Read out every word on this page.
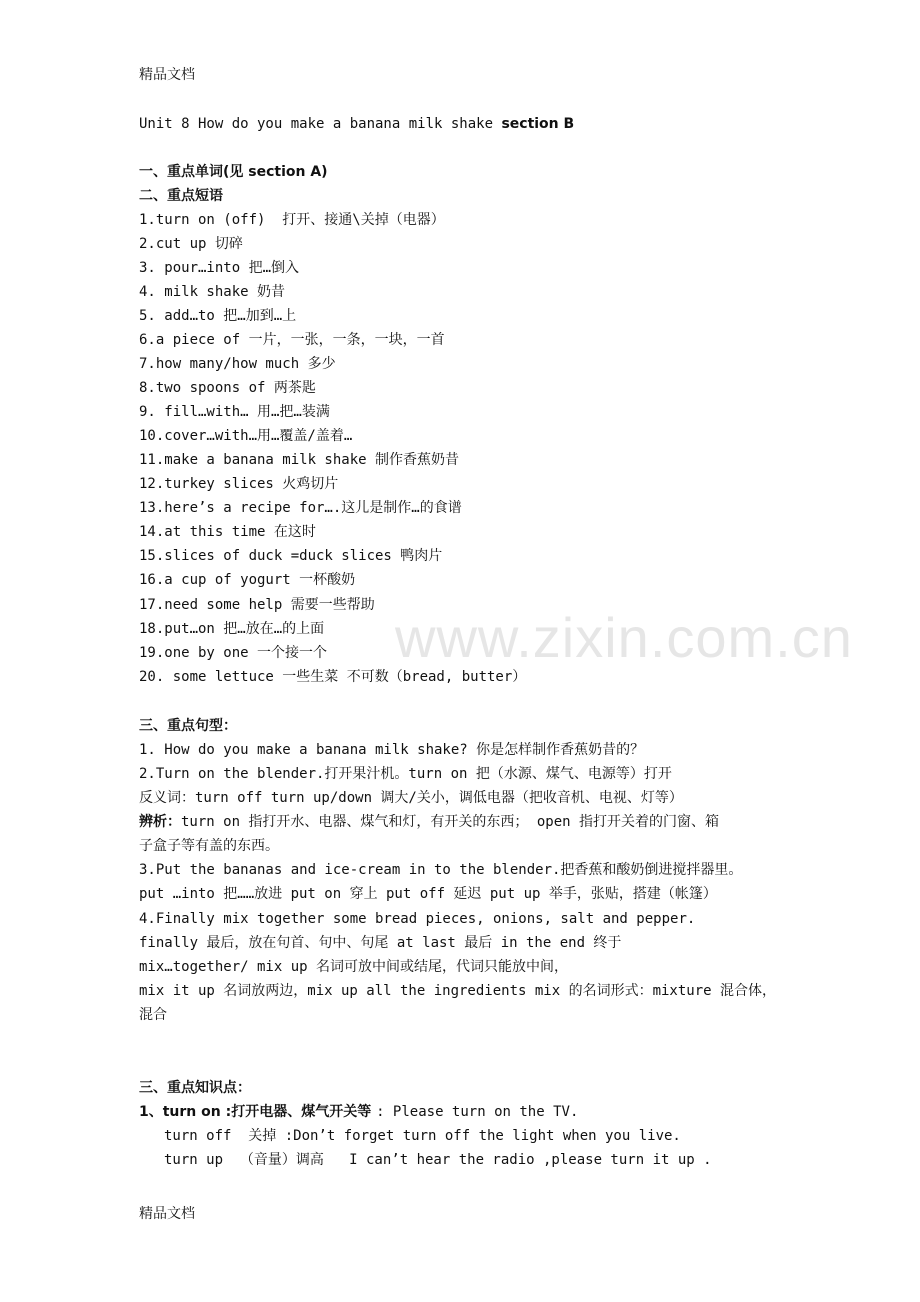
www.zixin.com.cn
精品文档
Unit 8 How do you make a banana milk shake section B
一、重点单词(见 section A)
二、重点短语
1.turn on (off)  打开、接通\关掉（电器）
2.cut up 切碎
3. pour…into 把…倒入
4. milk shake 奶昔
5. add…to 把…加到…上
6.a piece of 一片，一张，一条，一块，一首
7.how many/how much 多少
8.two spoons of 两茶匙
9. fill…with… 用…把…装满
10.cover…with…用…覆盖/盖着…
11.make a banana milk shake 制作香蕉奶昔
12.turkey slices 火鸡切片
13.here’s a recipe for….这儿是制作…的食谱
14.at this time 在这时
15.slices of duck =duck slices 鸭肉片
16.a cup of yogurt 一杯酸奶
17.need some help 需要一些帮助
18.put…on 把…放在…的上面
19.one by one 一个接一个
20. some lettuce 一些生菜 不可数（bread, butter）
三、重点句型：
1. How do you make a banana milk shake? 你是怎样制作香蕉奶昔的？
2.Turn on the blender.打开果汁机。turn on 把（水源、煤气、电源等）打开
反义词：turn off turn up/down 调大/关小，调低电器（把收音机、电视、灯等）
辨析：turn on 指打开水、电器、煤气和灯，有开关的东西； open 指打开关着的门窗、箱
子盒子等有盖的东西。
3.Put the bananas and ice-cream in to the blender.把香蕉和酸奶倒进搅拌器里。
put …into 把……放进 put on 穿上 put off 延迟 put up 举手，张贴，搭建（帐篷）
4.Finally mix together some bread pieces, onions, salt and pepper.
finally 最后，放在句首、句中、句尾 at last 最后 in the end 终于
mix…together/ mix up 名词可放中间或结尾，代词只能放中间，
mix it up 名词放两边，mix up all the ingredients mix 的名词形式：mixture 混合体，
混合
三、重点知识点：
1、turn on :打开电器、煤气开关等 : Please turn on the TV.
turn off  关掉 :Don’t forget turn off the light when you live.
turn up  （音量）调高   I can’t hear the radio ,please turn it up .
精品文档
